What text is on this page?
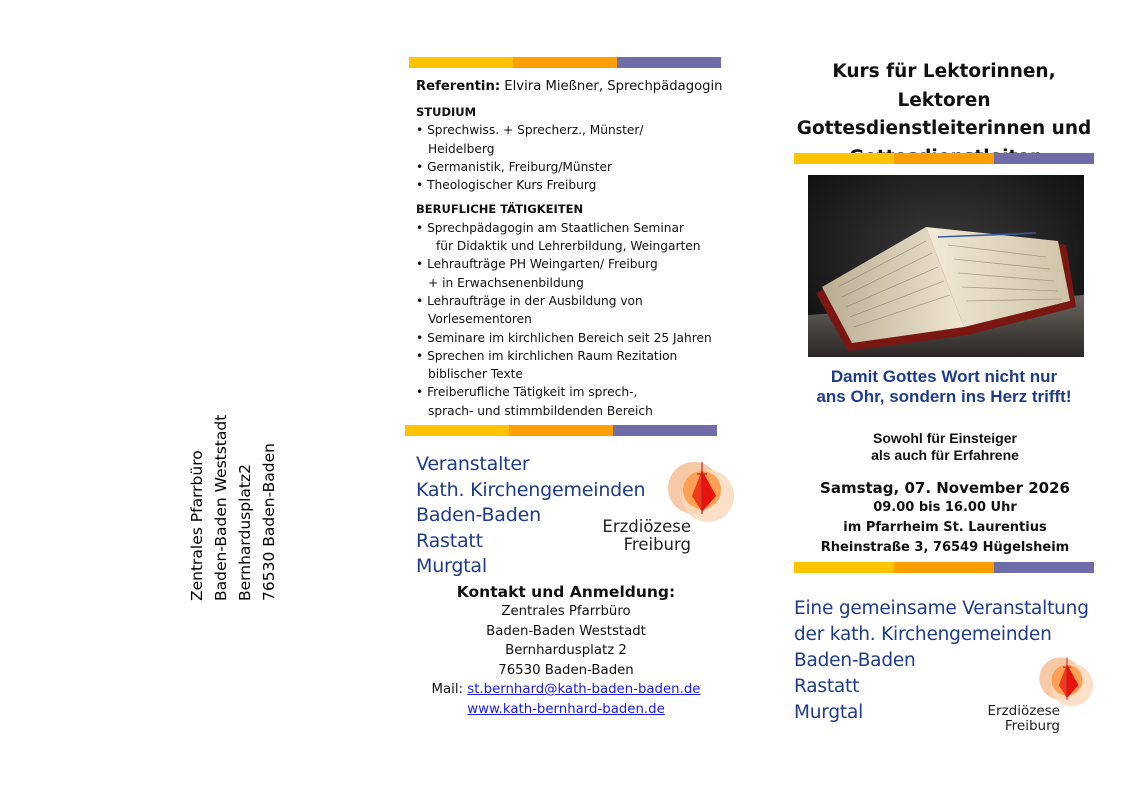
Zentrales Pfarrbüro Baden-Baden Weststadt Bernhardusplatz2 76530 Baden-Baden
Referentin: Elvira Mießner, Sprechpädagogin
STUDIUM
• Sprechwiss. + Sprecherz., Münster/
Heidelberg
• Germanistik, Freiburg/Münster
• Theologischer Kurs Freiburg
BERUFLICHE TÄTIGKEITEN
• Sprechpädagogin am Staatlichen Seminar
für Didaktik und Lehrerbildung, Weingarten
• Lehraufträge PH Weingarten/ Freiburg
+ in Erwachsenenbildung
• Lehraufträge in der Ausbildung von
Vorlesementoren
• Seminare im kirchlichen Bereich seit 25 Jahren
• Sprechen im kirchlichen Raum Rezitation
biblischer Texte
• Freiberufliche Tätigkeit im sprech-,
sprach- und stimmbildenden Bereich
Veranstalter
Kath. Kirchengemeinden
Baden-Baden
Rastatt
Murgtal
Erzdiözese
Freiburg
Kontakt und Anmeldung:
Zentrales Pfarrbüro
Baden-Baden Weststadt
Bernhardusplatz 2
76530 Baden-Baden
Mail: st.bernhard@kath-baden-baden.de
www.kath-bernhard-baden.de
Kurs für Lektorinnen, Lektoren
Gottesdienstleiterinnen und
Damit Gottes Wort nicht nur
ans Ohr, sondern ins Herz trifft!
Sowohl für Einsteiger
als auch für Erfahrene
Samstag, 07. November 2026
09.00 bis 16.00 Uhr
im Pfarrheim St. Laurentius
Rheinstraße 3, 76549 Hügelsheim
Eine gemeinsame Veranstaltung
der kath. Kirchengemeinden
Baden-Baden
Rastatt
Murgtal	Erzdiözese
Freiburg
